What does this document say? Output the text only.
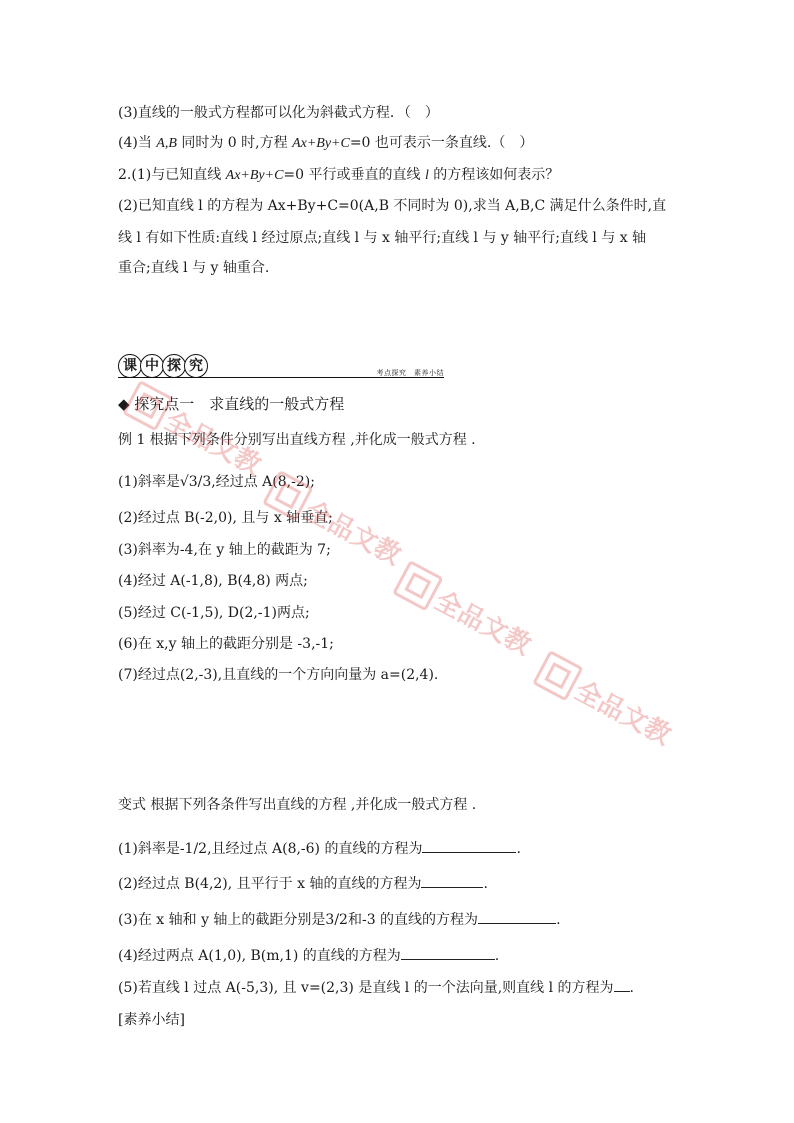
(3)直线的一般式方程都可以化为斜截式方程．（　）
(4)当 A,B 同时为 0 时,方程 Ax+By+C=0 也可表示一条直线.（　）
2.(1)与已知直线 Ax+By+C=0 平行或垂直的直线 l 的方程该如何表示？
(2)已知直线 l 的方程为 Ax+By+C=0(A,B 不同时为 0),求当 A,B,C 满足什么条件时,直
线 l 有如下性质:直线 l 经过原点;直线 l 与 x 轴平行;直线 l 与 y 轴平行;直线 l 与 x 轴
重合;直线 l 与 y 轴重合.
课 中 探 究	考点探究　素养小结
◆ 探究点一　求直线的一般式方程
例 1 根据下列条件分别写出直线方程 ,并化成一般式方程 .
(1)斜率是√3/3,经过点 A(8,-2);
(2)经过点 B(-2,0), 且与 x 轴垂直;
(3)斜率为-4,在 y 轴上的截距为 7;
(4)经过 A(-1,8), B(4,8) 两点;
(5)经过 C(-1,5), D(2,-1)两点;
(6)在 x,y 轴上的截距分别是 -3,-1;
(7)经过点(2,-3),且直线的一个方向向量为 a=(2,4).
变式 根据下列各条件写出直线的方程 ,并化成一般式方程 .
(1)斜率是-1/2,且经过点 A(8,-6) 的直线的方程为	.
(2)经过点 B(4,2), 且平行于 x 轴的直线的方程为	.
(3)在 x 轴和 y 轴上的截距分别是3/2和-3 的直线的方程为	.
(4)经过两点 A(1,0), B(m,1) 的直线的方程为	.
(5)若直线 l 过点 A(-5,3), 且 v=(2,3) 是直线 l 的一个法向量,则直线 l 的方程为 .
[素养小结]
全品文教
全品文教
全品文教
全品文教
